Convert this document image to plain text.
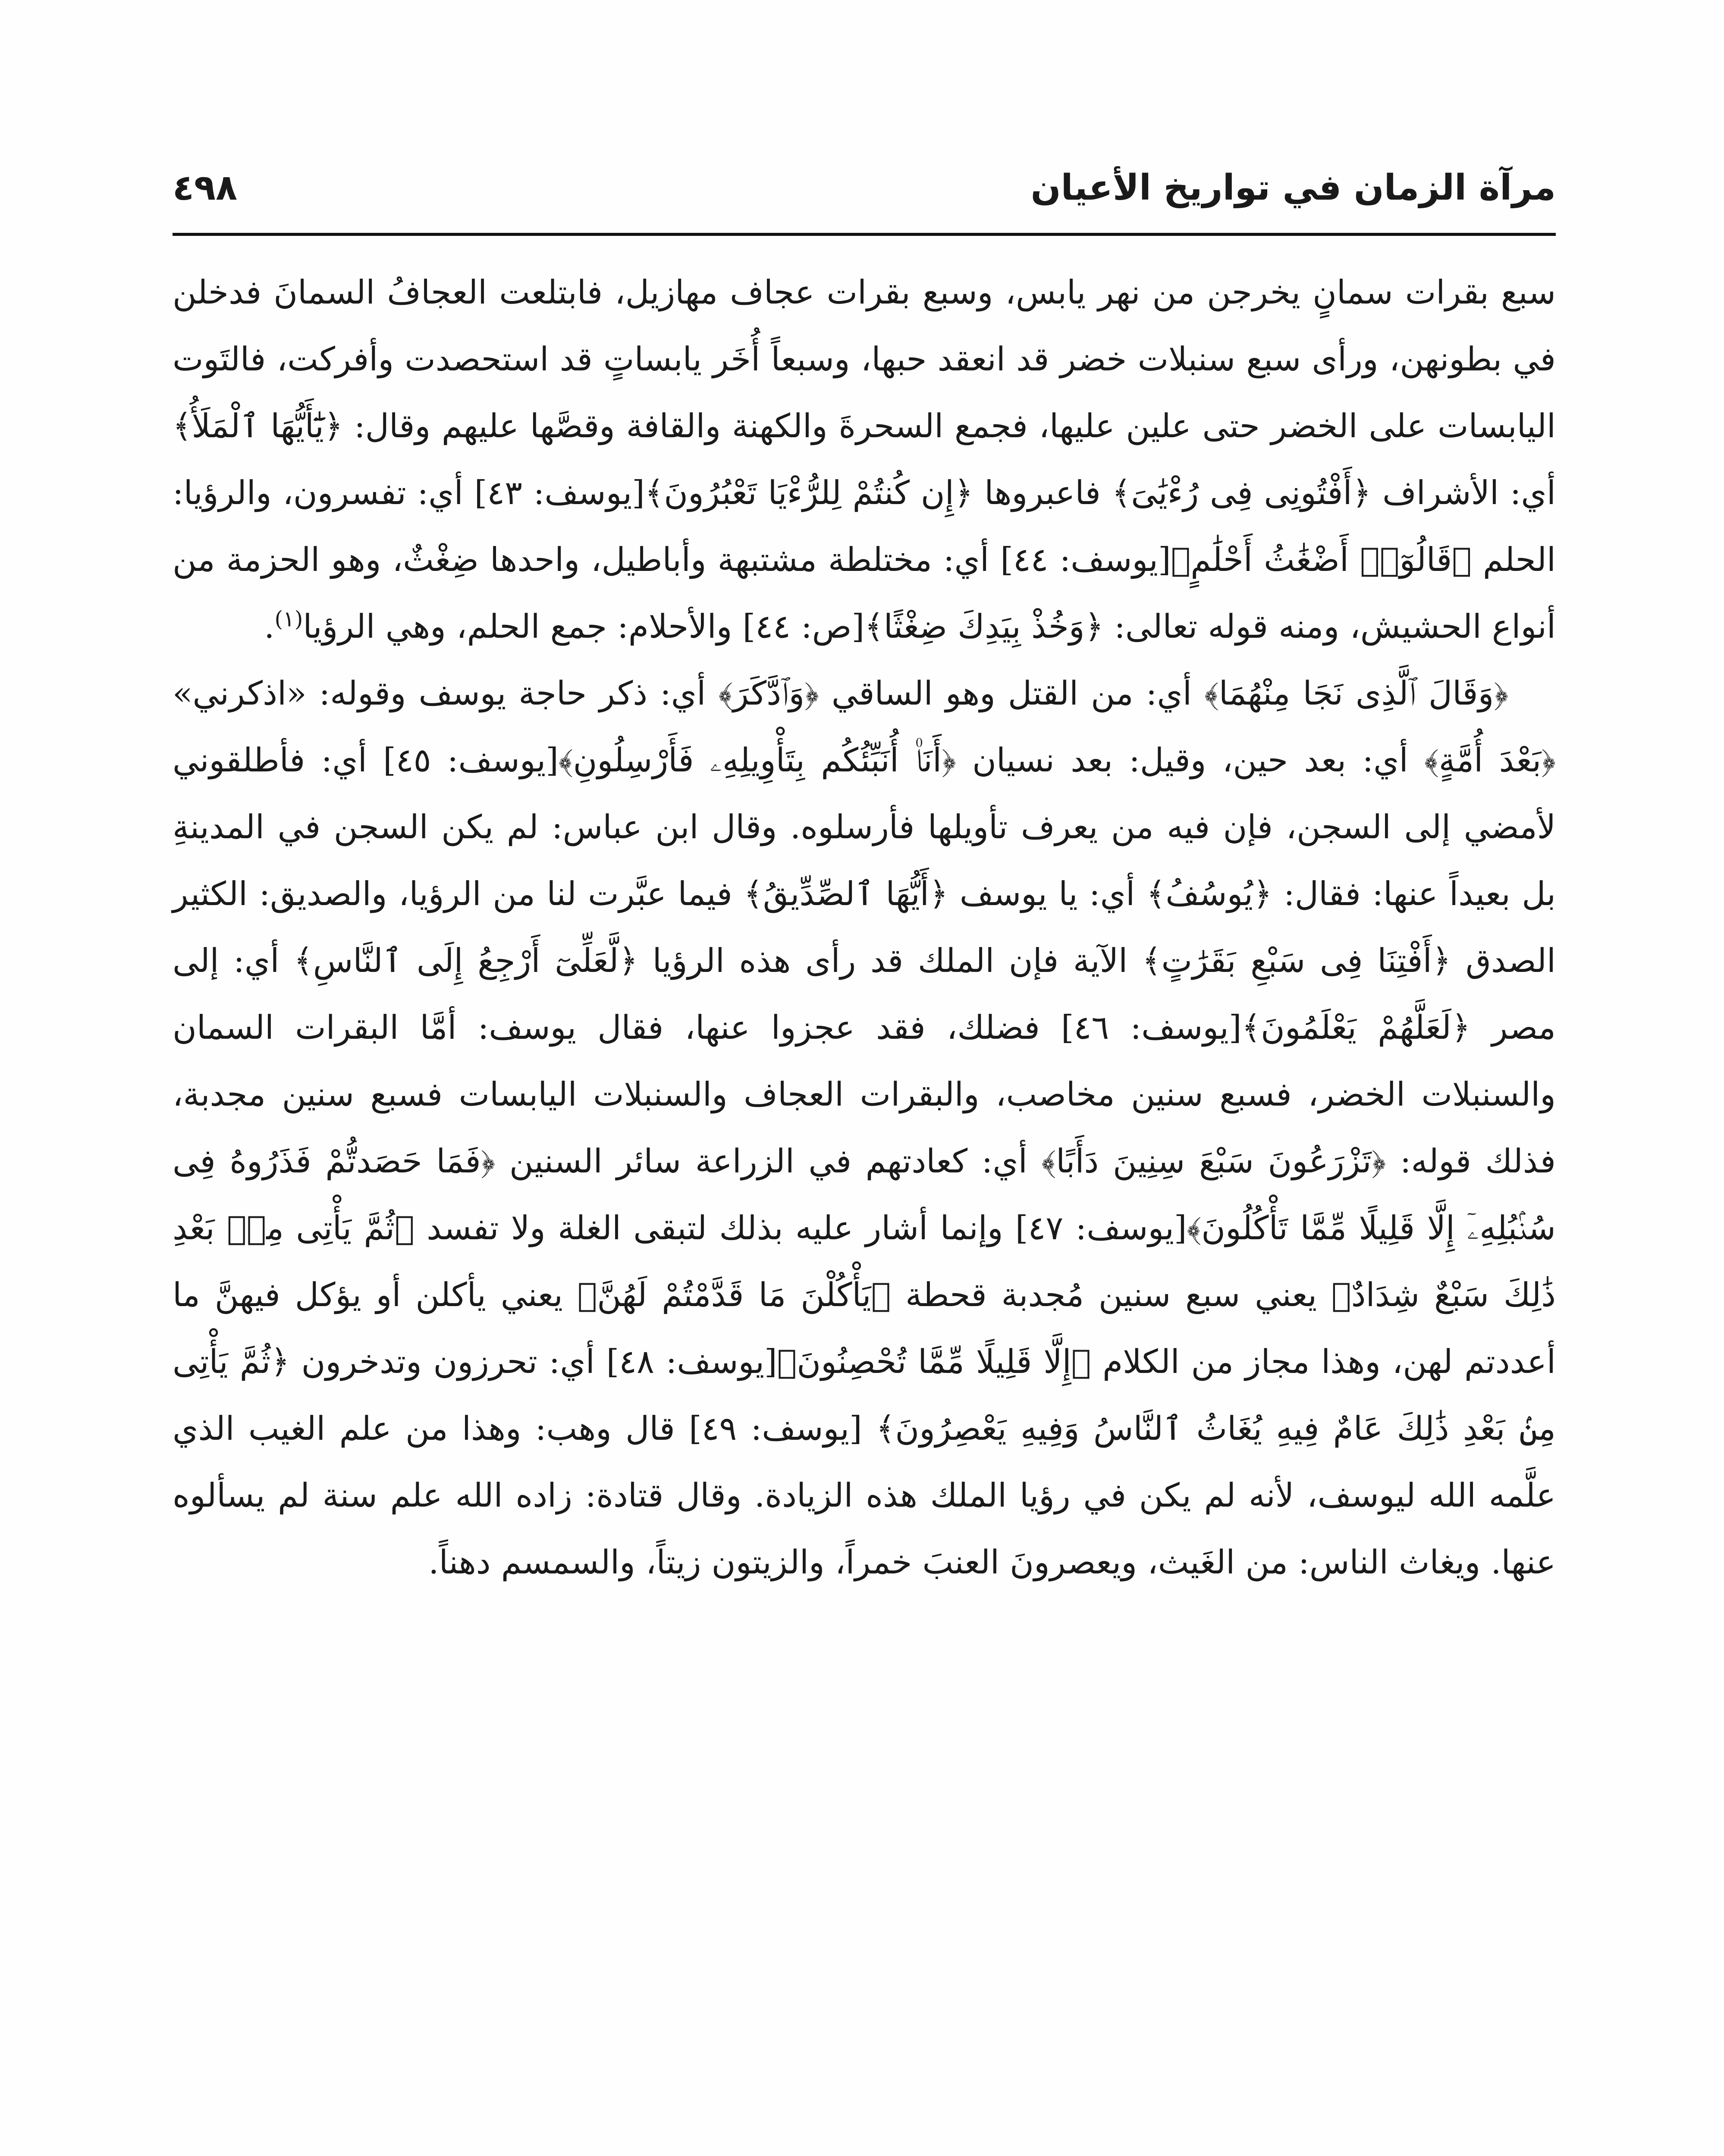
مرآة الزمان في تواريخ الأعيان
٤٩٨

سبع بقرات سمانٍ يخرجن من نهر يابس، وسبع بقرات عجاف مهازيل، فابتلعت العجافُ السمانَ فدخلن في بطونهن، ورأى سبع سنبلات خضر قد انعقد حبها، وسبعاً أُخَر يابساتٍ قد استحصدت وأفركت، فالتَوت اليابسات على الخضر حتى علين عليها، فجمع السحرةَ والكهنة والقافة وقصَّها عليهم وقال: ﴿يَٰٓأَيُّهَا ٱلْمَلَأُ﴾ أي: الأشراف ﴿أَفْتُونِى فِى رُءْيَٰىَ﴾ فاعبروها ﴿إِن كُنتُمْ لِلرُّءْيَا تَعْبُرُونَ﴾[يوسف: ٤٣] أي: تفسرون، والرؤيا: الحلم ﴿قَالُوٓا۟ أَضْغَٰثُ أَحْلَٰمٍ﴾[يوسف: ٤٤] أي: مختلطة مشتبهة وأباطيل، واحدها ضِغْثٌ، وهو الحزمة من أنواع الحشيش، ومنه قوله تعالى: ﴿وَخُذْ بِيَدِكَ ضِغْثًا﴾[ص: ٤٤] والأحلام: جمع الحلم، وهي الرؤيا$^{(١)}$.

﴿وَقَالَ ٱلَّذِى نَجَا مِنْهُمَا﴾ أي: من القتل وهو الساقي ﴿وَٱدَّكَرَ﴾ أي: ذكر حاجة يوسف وقوله: «اذكرني» ﴿بَعْدَ أُمَّةٍ﴾ أي: بعد حين، وقيل: بعد نسيان ﴿أَنَا۠ أُنَبِّئُكُم بِتَأْوِيلِهِۦ فَأَرْسِلُونِ﴾[يوسف: ٤٥] أي: فأطلقوني لأمضي إلى السجن، فإن فيه من يعرف تأويلها فأرسلوه. وقال ابن عباس: لم يكن السجن في المدينةِ بل بعيداً عنها: فقال: ﴿يُوسُفُ﴾ أي: يا يوسف ﴿أَيُّهَا ٱلصِّدِّيقُ﴾ فيما عبَّرت لنا من الرؤيا، والصديق: الكثير الصدق ﴿أَفْتِنَا فِى سَبْعِ بَقَرَٰتٍ﴾ الآية فإن الملك قد رأى هذه الرؤيا ﴿لَّعَلِّىٓ أَرْجِعُ إِلَى ٱلنَّاسِ﴾ أي: إلى مصر ﴿لَعَلَّهُمْ يَعْلَمُونَ﴾[يوسف: ٤٦] فضلك، فقد عجزوا عنها، فقال يوسف: أمَّا البقرات السمان والسنبلات الخضر، فسبع سنين مخاصب، والبقرات العجاف والسنبلات اليابسات فسبع سنين مجدبة، فذلك قوله: ﴿تَزْرَعُونَ سَبْعَ سِنِينَ دَأَبًا﴾ أي: كعادتهم في الزراعة سائر السنين ﴿فَمَا حَصَدتُّمْ فَذَرُوهُ فِى سُنۢبُلِهِۦٓ إِلَّا قَلِيلًا مِّمَّا تَأْكُلُونَ﴾[يوسف: ٤٧] وإنما أشار عليه بذلك لتبقى الغلة ولا تفسد ﴿ثُمَّ يَأْتِى مِنۢ بَعْدِ ذَٰلِكَ سَبْعٌ شِدَادٌ﴾ يعني سبع سنين مُجدبة قحطة ﴿يَأْكُلْنَ مَا قَدَّمْتُمْ لَهُنَّ﴾ يعني يأكلن أو يؤكل فيهنَّ ما أعددتم لهن، وهذا مجاز من الكلام ﴿إِلَّا قَلِيلًا مِّمَّا تُحْصِنُونَ﴾[يوسف: ٤٨] أي: تحرزون وتدخرون ﴿ثُمَّ يَأْتِى مِنۢ بَعْدِ ذَٰلِكَ عَامٌ فِيهِ يُغَاثُ ٱلنَّاسُ وَفِيهِ يَعْصِرُونَ﴾ [يوسف: ٤٩] قال وهب: وهذا من علم الغيب الذي علَّمه الله ليوسف، لأنه لم يكن في رؤيا الملك هذه الزيادة. وقال قتادة: زاده الله علم سنة لم يسألوه عنها. ويغاث الناس: من الغَيث، ويعصرونَ العنبَ خمراً، والزيتون زيتاً، والسمسم دهناً.
